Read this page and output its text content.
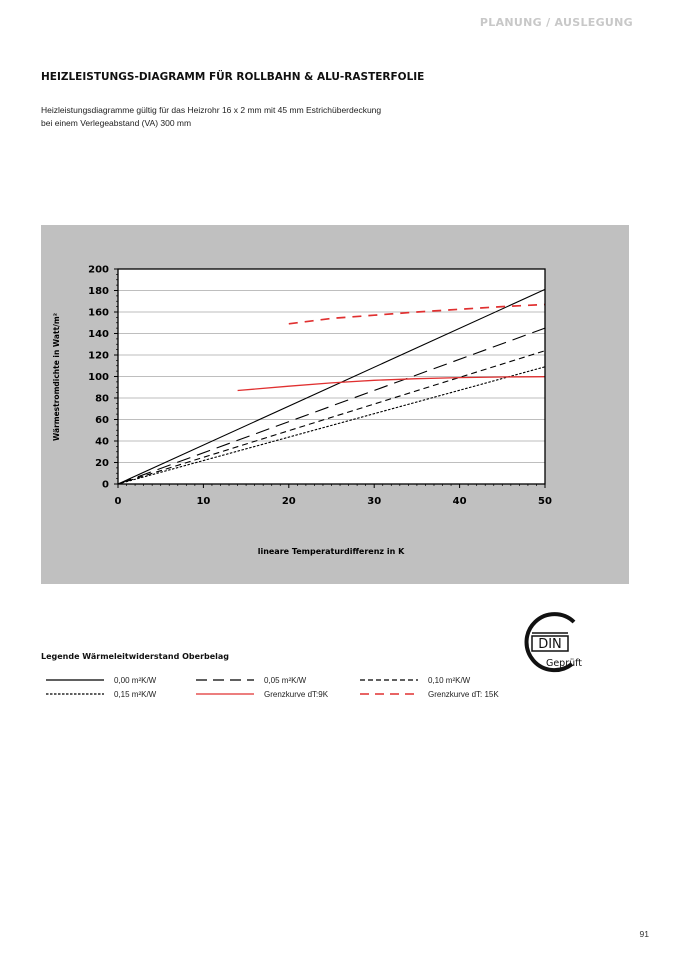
PLANUNG / AUSLEGUNG
HEIZLEISTUNGS-DIAGRAMM FÜR ROLLBAHN & ALU-RASTERFOLIE
Heizleistungsdiagramme gültig für das Heizrohr 16 x 2 mm mit 45 mm Estrichüberdeckung
bei einem Verlegeabstand (VA) 300 mm
0
20
40
60
80
100
120
140
160
180
200
0	10	20	30	40	50
lineare Temperaturdifferenz in K
Wärmestromdichte in Watt/m²
Legende Wärmeleitwiderstand Oberbelag
0,00 m²K/W	0,05 m²K/W	0,10 m²K/W
0,15 m²K/W	Grenzkurve dT:9K	Grenzkurve dT: 15K
DIN
Geprüft
91
